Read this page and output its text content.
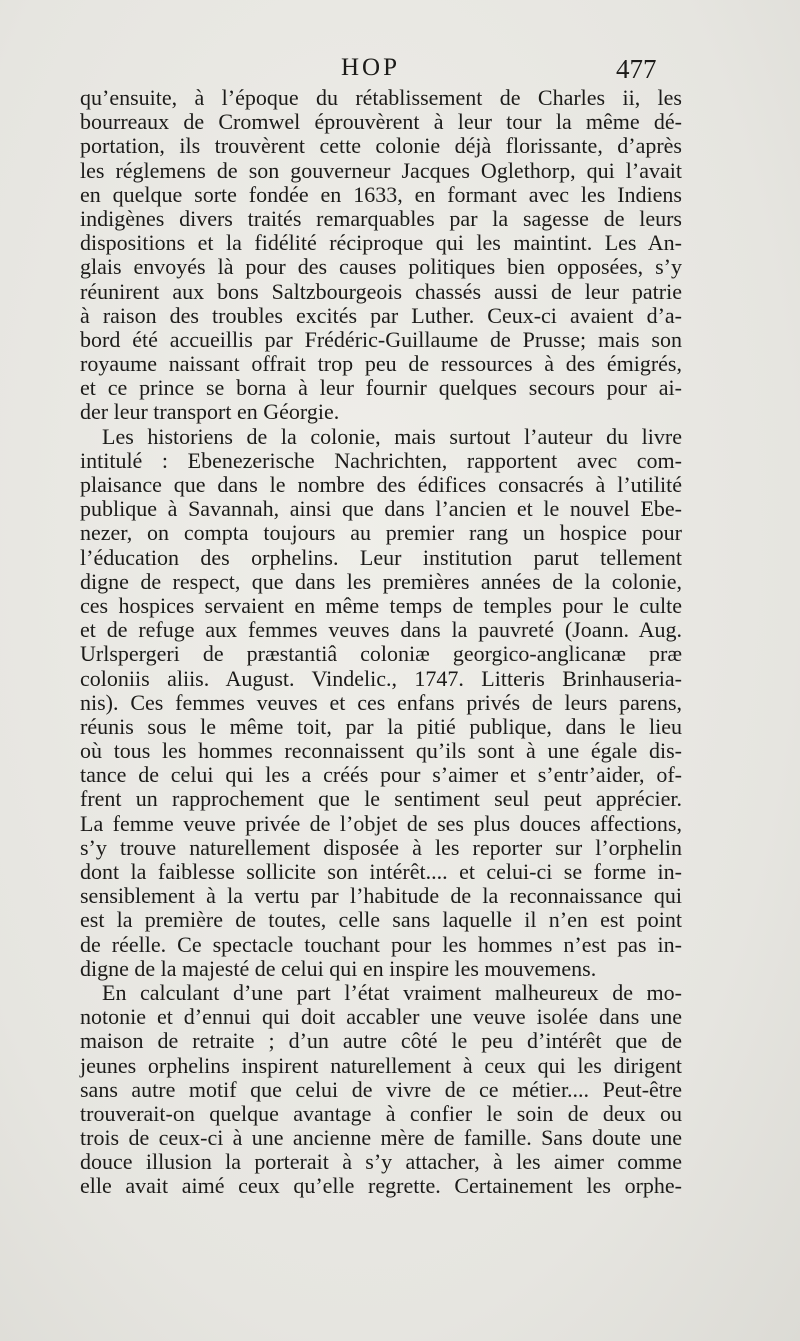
HOP	477
qu’ensuite, à l’époque du rétablissement de Charles ii, les
bourreaux de Cromwel éprouvèrent à leur tour la même dé-
portation, ils trouvèrent cette colonie déjà florissante, d’après
les réglemens de son gouverneur Jacques Oglethorp, qui l’avait
en quelque sorte fondée en 1633, en formant avec les Indiens
indigènes divers traités remarquables par la sagesse de leurs
dispositions et la fidélité réciproque qui les maintint. Les An-
glais envoyés là pour des causes politiques bien opposées, s’y
réunirent aux bons Saltzbourgeois chassés aussi de leur patrie
à raison des troubles excités par Luther. Ceux-ci avaient d’a-
bord été accueillis par Frédéric-Guillaume de Prusse; mais son
royaume naissant offrait trop peu de ressources à des émigrés,
et ce prince se borna à leur fournir quelques secours pour ai-
der leur transport en Géorgie.
Les historiens de la colonie, mais surtout l’auteur du livre
intitulé : Ebenezerische Nachrichten, rapportent avec com-
plaisance que dans le nombre des édifices consacrés à l’utilité
publique à Savannah, ainsi que dans l’ancien et le nouvel Ebe-
nezer, on compta toujours au premier rang un hospice pour
l’éducation des orphelins. Leur institution parut tellement
digne de respect, que dans les premières années de la colonie,
ces hospices servaient en même temps de temples pour le culte
et de refuge aux femmes veuves dans la pauvreté (Joann. Aug.
Urlspergeri de præstantiâ coloniæ georgico-anglicanæ præ
coloniis aliis. August. Vindelic., 1747. Litteris Brinhauseria-
nis). Ces femmes veuves et ces enfans privés de leurs parens,
réunis sous le même toit, par la pitié publique, dans le lieu
où tous les hommes reconnaissent qu’ils sont à une égale dis-
tance de celui qui les a créés pour s’aimer et s’entr’aider, of-
frent un rapprochement que le sentiment seul peut apprécier.
La femme veuve privée de l’objet de ses plus douces affections,
s’y trouve naturellement disposée à les reporter sur l’orphelin
dont la faiblesse sollicite son intérêt.... et celui-ci se forme in-
sensiblement à la vertu par l’habitude de la reconnaissance qui
est la première de toutes, celle sans laquelle il n’en est point
de réelle. Ce spectacle touchant pour les hommes n’est pas in-
digne de la majesté de celui qui en inspire les mouvemens.
En calculant d’une part l’état vraiment malheureux de mo-
notonie et d’ennui qui doit accabler une veuve isolée dans une
maison de retraite ; d’un autre côté le peu d’intérêt que de
jeunes orphelins inspirent naturellement à ceux qui les dirigent
sans autre motif que celui de vivre de ce métier.... Peut-être
trouverait-on quelque avantage à confier le soin de deux ou
trois de ceux-ci à une ancienne mère de famille. Sans doute une
douce illusion la porterait à s’y attacher, à les aimer comme
elle avait aimé ceux qu’elle regrette. Certainement les orphe-
